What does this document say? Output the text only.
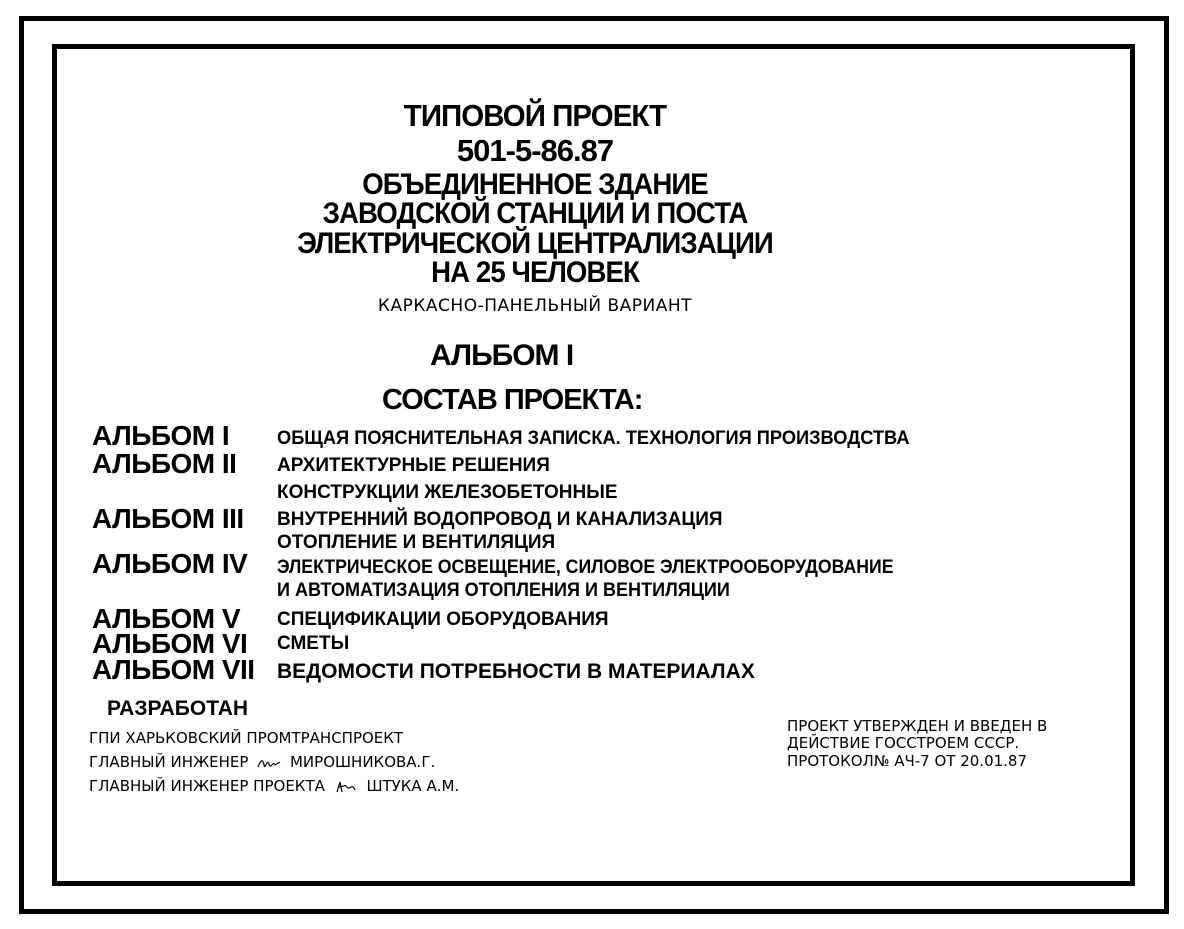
ТИПОВОЙ ПРОЕКТ
501-5-86.87
ОБЪЕДИНЕННОЕ ЗДАНИЕ
ЗАВОДСКОЙ СТАНЦИИ И ПОСТА
ЭЛЕКТРИЧЕСКОЙ ЦЕНТРАЛИЗАЦИИ
НА 25 ЧЕЛОВЕК
КАРКАСНО-ПАНЕЛЬНЫЙ ВАРИАНТ
АЛЬБОМ I
СОСТАВ ПРОЕКТА:
АЛЬБОМ I	ОБЩАЯ ПОЯСНИТЕЛЬНАЯ ЗАПИСКА. ТЕХНОЛОГИЯ ПРОИЗВОДСТВА
АЛЬБОМ II АРХИТЕКТУРНЫЕ РЕШЕНИЯ
КОНСТРУКЦИИ ЖЕЛЕЗОБЕТОННЫЕ
АЛЬБОМ III ВНУТРЕННИЙ ВОДОПРОВОД И КАНАЛИЗАЦИЯ
ОТОПЛЕНИЕ И ВЕНТИЛЯЦИЯ
АЛЬБОМ IV ЭЛЕКТРИЧЕСКОЕ ОСВЕЩЕНИЕ, СИЛОВОЕ ЭЛЕКТРООБОРУДОВАНИЕ
И АВТОМАТИЗАЦИЯ ОТОПЛЕНИЯ И ВЕНТИЛЯЦИИ
АЛЬБОМ V СПЕЦИФИКАЦИИ ОБОРУДОВАНИЯ
АЛЬБОМ VI СМЕТЫ
АЛЬБОМ VII ВЕДОМОСТИ ПОТРЕБНОСТИ В МАТЕРИАЛАХ
РАЗРАБОТАН
ГПИ ХАРЬКОВСКИЙ ПРОМТРАНСПРОЕКТ
ГЛАВНЫЙ ИНЖЕНЕР	МИРОШНИКОВА.Г.
ГЛАВНЫЙ ИНЖЕНЕР ПРОЕКТА	ШТУКА А.М.
ПРОЕКТ УТВЕРЖДЕН И ВВЕДЕН В
ДЕЙСТВИЕ ГОССТРОЕМ СССР.
ПРОТОКОЛ№ АЧ-7 ОТ 20.01.87
